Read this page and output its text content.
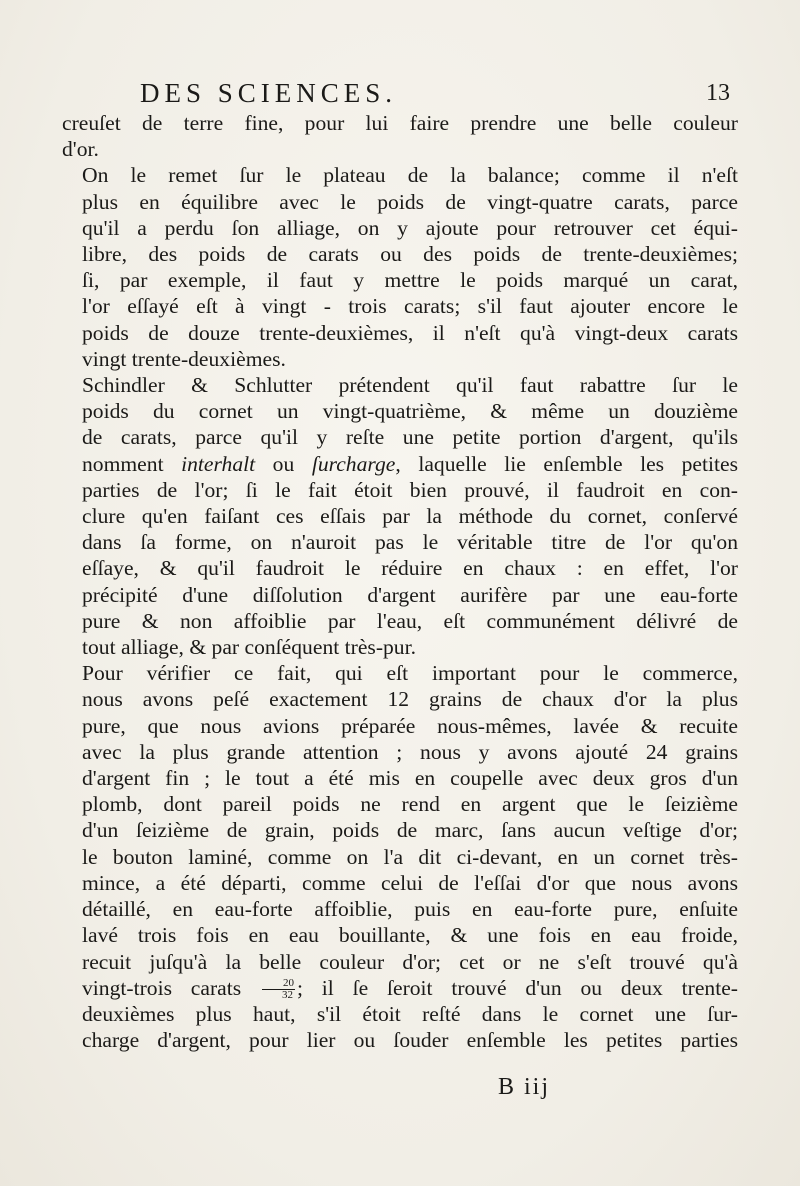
DES SCIENCES.	13

creuſet de terre fine, pour lui faire prendre une belle couleur
d'or.

On le remet ſur le plateau de la balance; comme il n'eſt
plus en équilibre avec le poids de vingt-quatre carats, parce
qu'il a perdu ſon alliage, on y ajoute pour retrouver cet équi-
libre, des poids de carats ou des poids de trente-deuxièmes;
ſi, par exemple, il faut y mettre le poids marqué un carat,
l'or eſſayé eſt à vingt - trois carats; s'il faut ajouter encore le
poids de douze trente-deuxièmes, il n'eſt qu'à vingt-deux carats
vingt trente-deuxièmes.

Schindler & Schlutter prétendent qu'il faut rabattre ſur le
poids du cornet un vingt-quatrième, & même un douzième
de carats, parce qu'il y reſte une petite portion d'argent, qu'ils
nomment interhalt ou ſurcharge, laquelle lie enſemble les petites
parties de l'or; ſi le fait étoit bien prouvé, il faudroit en con-
clure qu'en faiſant ces eſſais par la méthode du cornet, conſervé
dans ſa forme, on n'auroit pas le véritable titre de l'or qu'on
eſſaye, & qu'il faudroit le réduire en chaux : en effet, l'or
précipité d'une diſſolution d'argent aurifère par une eau-forte
pure & non affoiblie par l'eau, eſt communément délivré de
tout alliage, & par conſéquent très-pur.

Pour vérifier ce fait, qui eſt important pour le commerce,
nous avons peſé exactement 12 grains de chaux d'or la plus
pure, que nous avions préparée nous-mêmes, lavée & recuite
avec la plus grande attention ; nous y avons ajouté 24 grains
d'argent fin ; le tout a été mis en coupelle avec deux gros d'un
plomb, dont pareil poids ne rend en argent que le ſeizième
d'un ſeizième de grain, poids de marc, ſans aucun veſtige d'or;
le bouton laminé, comme on l'a dit ci-devant, en un cornet très-
mince, a été départi, comme celui de l'eſſai d'or que nous avons
détaillé, en eau-forte affoiblie, puis en eau-forte pure, enſuite
lavé trois fois en eau bouillante, & une fois en eau froide,
recuit juſqu'à la belle couleur d'or; cet or ne s'eſt trouvé qu'à
vingt-trois carats $\frac{20}{32}$ ; il ſe ſeroit trouvé d'un ou deux trente-
deuxièmes plus haut, s'il étoit reſté dans le cornet une ſur-
charge d'argent, pour lier ou ſouder enſemble les petites parties

B iij
